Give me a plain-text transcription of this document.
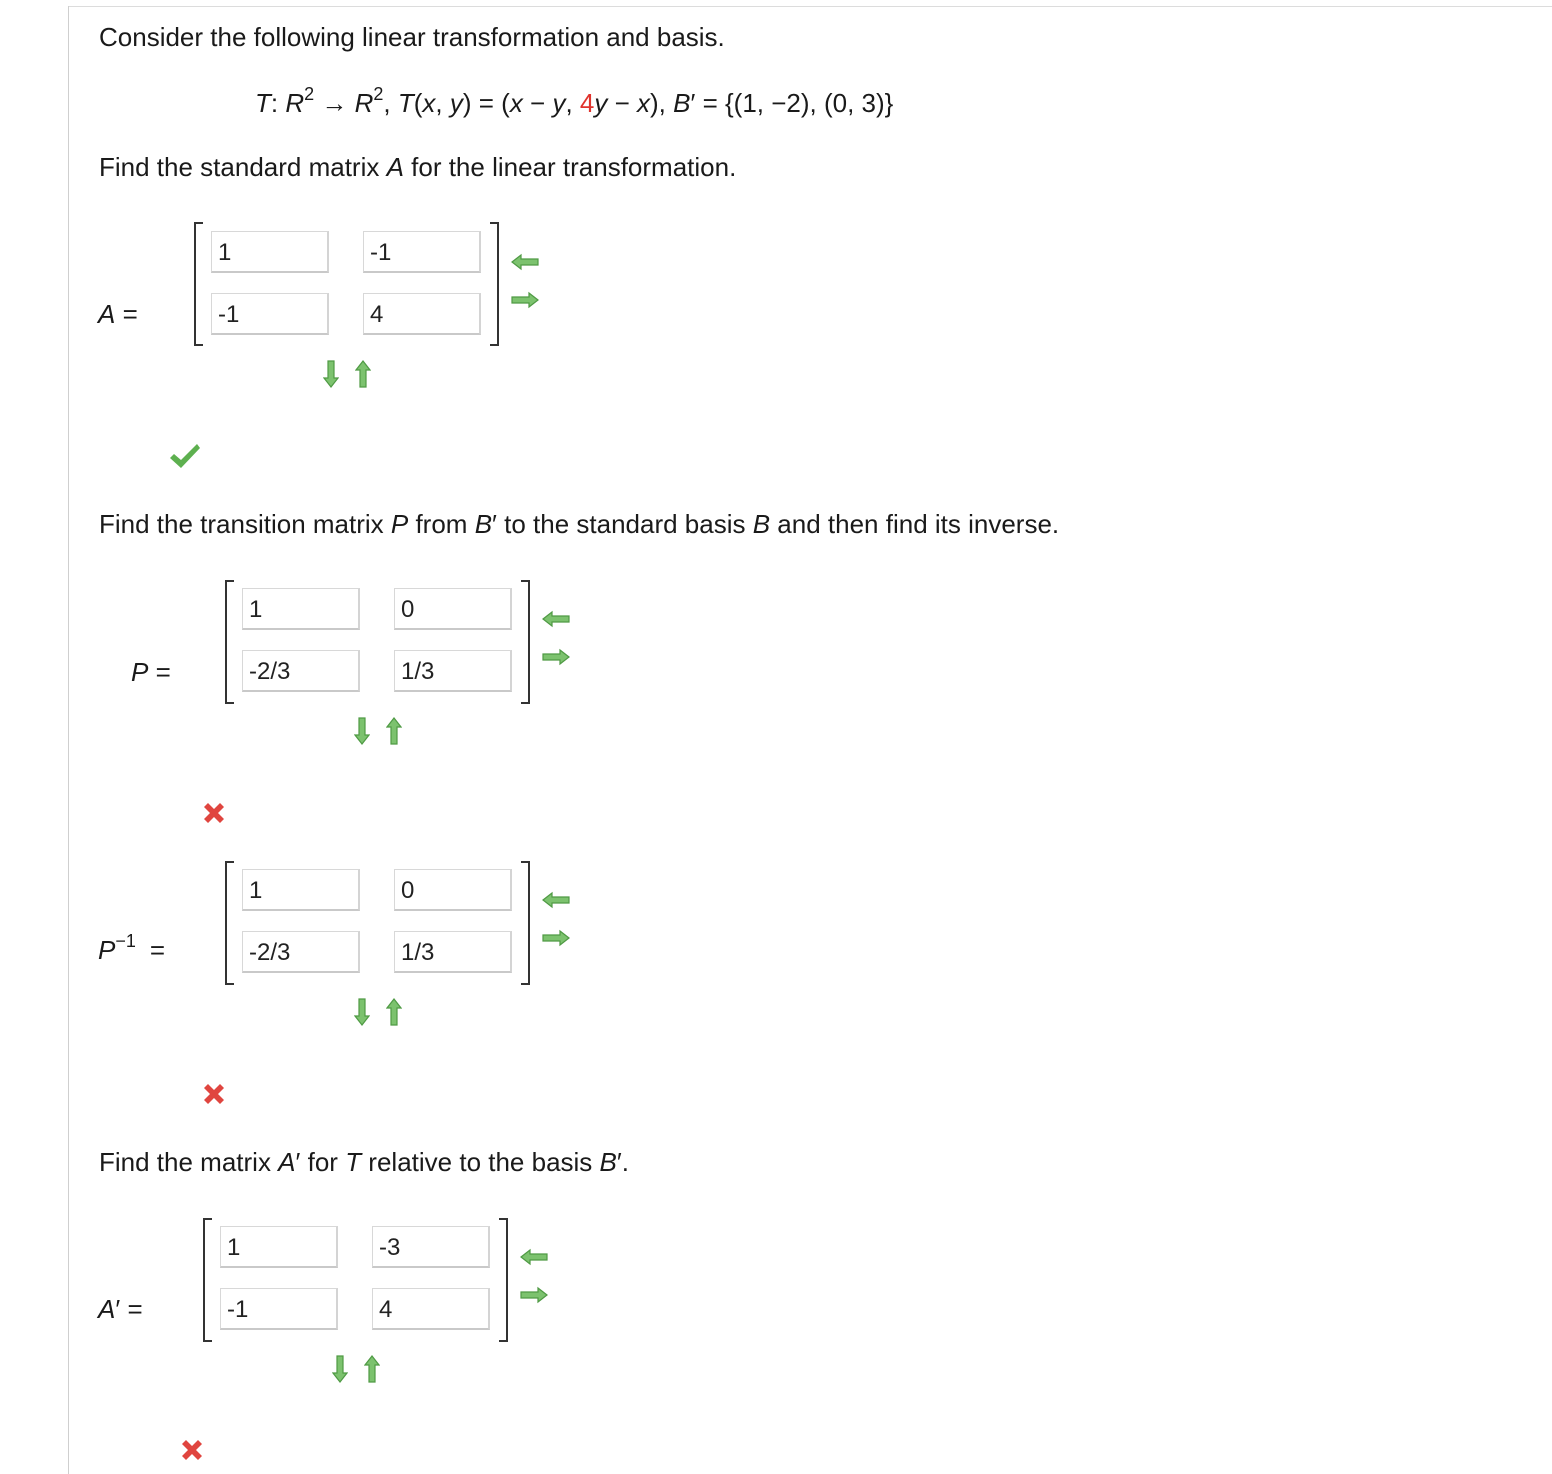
Consider the following linear transformation and basis.
T: $R^2 \to R^2$, T(x, y) = (x − y, 4y − x), B′ = {(1, −2), (0, 3)}
Find the standard matrix A for the linear transformation.
A =
1	-1
-1	4
Find the transition matrix P from B′ to the standard basis B and then find its inverse.
P =
1	0
-2/3	1/3
$P^{-1}$ =
1	0
-2/3	1/3
Find the matrix A′ for T relative to the basis B′.
A′ =
1	-3
-1	4
